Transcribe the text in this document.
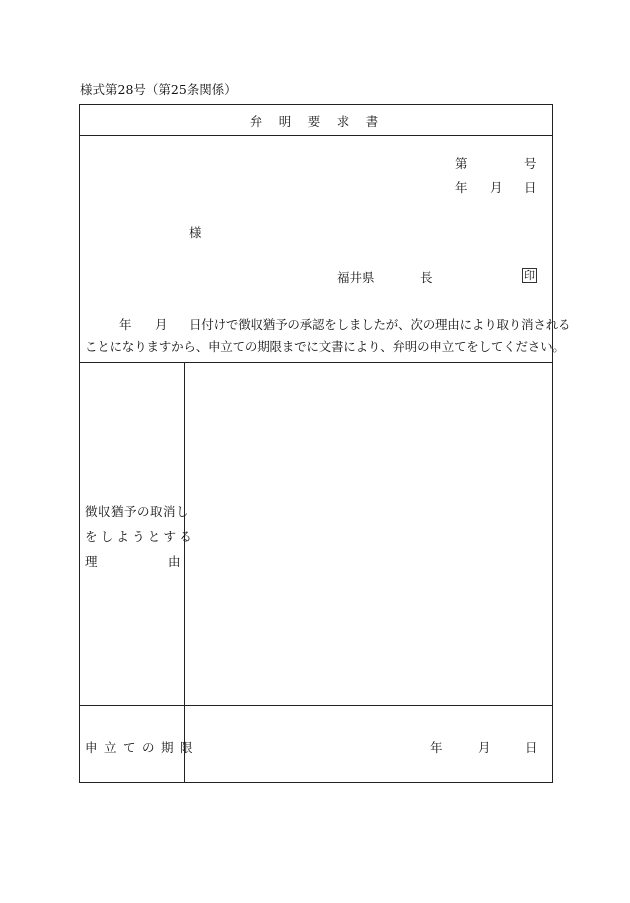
様式第28号（第25条関係）
弁　明　要　求　書
第	号
年 月 日
様
福井県	長	印
年 月 日付けで徴収猶予の承認をしましたが、次の理由により取り消される
ことになりますから、申立ての期限までに文書により、弁明の申立てをしてください。
徴収猶予の取消し
をしようとする
理	由
申立ての期限	年	月	日
